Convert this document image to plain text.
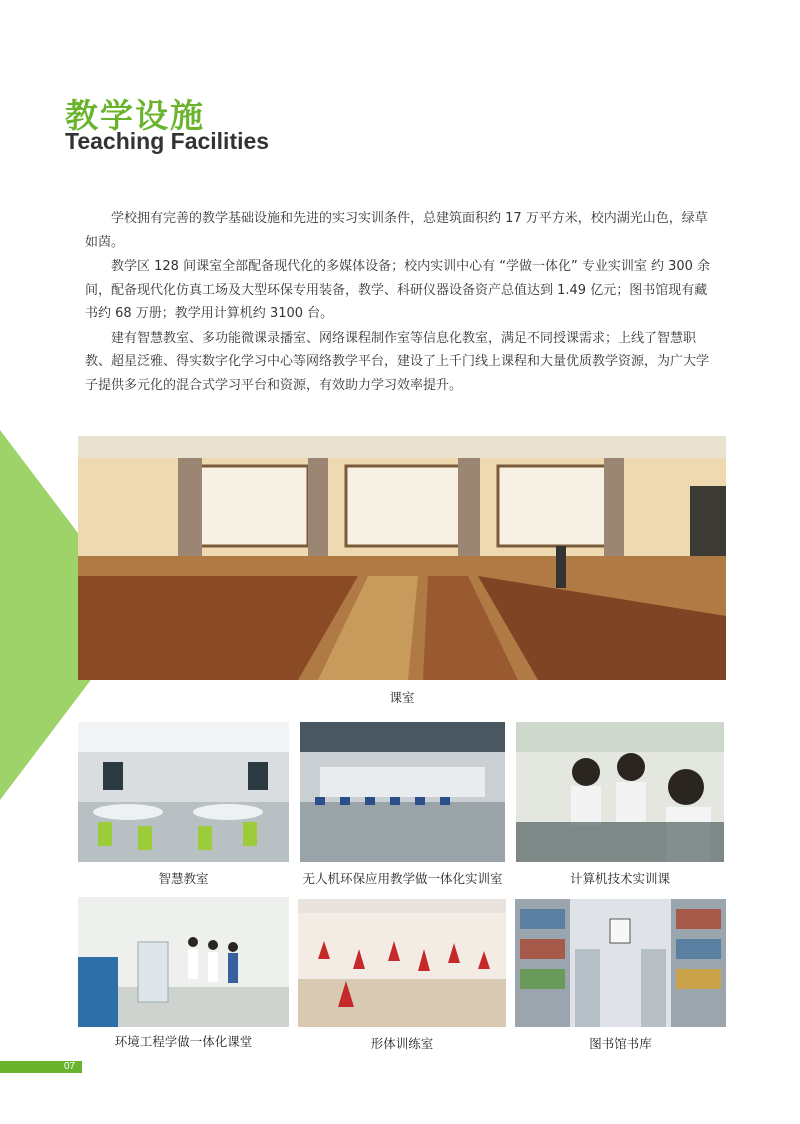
教学设施
Teaching Facilities

学校拥有完善的教学基础设施和先进的实习实训条件，总建筑面积约 17 万平方米，校内湖光山色，绿草如茵。

教学区 128 间课室全部配备现代化的多媒体设备；校内实训中心有 “学做一体化” 专业实训室 约 300 余间，配备现代化仿真工场及大型环保专用装备，教学、科研仪器设备资产总值达到 1.49 亿元；图书馆现有藏书约 68 万册；教学用计算机约 3100 台。

建有智慧教室、多功能微课录播室、网络课程制作室等信息化教室，满足不同授课需求；上线了智慧职教、超星泛雅、得实数字化学习中心等网络教学平台，建设了上千门线上课程和大量优质教学资源，为广大学子提供多元化的混合式学习平台和资源，有效助力学习效率提升。

课室
智慧教室	无人机环保应用教学做一体化实训室	计算机技术实训课
环境工程学做一体化课堂	形体训练室	图书馆书库
07
